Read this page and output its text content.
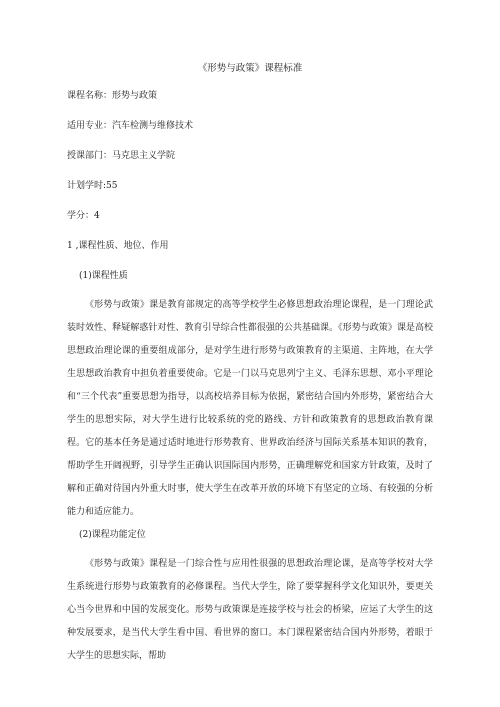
《形势与政策》课程标准
课程名称：形势与政策
适用专业：汽车检测与维修技术
授课部门：马克思主义学院
计划学时:55
学分：4
1 ,课程性质、地位、作用
(1)课程性质
《形势与政策》课是教育部规定的高等学校学生必修思想政治理论课程，是一门理论武装时效性、释疑解惑针对性、教育引导综合性都很强的公共基础课。《形势与政策》课是高校思想政治理论课的重要组成部分，是对学生进行形势与政策教育的主渠道、主阵地，在大学生思想政治教育中担负着重要使命。它是一门以马克思列宁主义、毛泽东思想、邓小平理论和“三个代表”重要思想为指导，以高校培养目标为依据，紧密结合国内外形势，紧密结合大学生的思想实际，对大学生进行比较系统的党的路线、方针和政策教育的思想政治教育课程。它的基本任务是通过适时地进行形势教育、世界政治经济与国际关系基本知识的教育，帮助学生开阔视野，引导学生正确认识国际国内形势，正确理解党和国家方针政策，及时了解和正确对待国内外重大时事，使大学生在改革开放的环境下有坚定的立场、有较强的分析能力和适应能力。
(2)课程功能定位
《形势与政策》课程是一门综合性与应用性很强的思想政治理论课，是高等学校对大学生系统进行形势与政策教育的必修课程。当代大学生，除了要掌握科学文化知识外，要更关心当今世界和中国的发展变化。形势与政策课是连接学校与社会的桥梁，应运了大学生的这种发展要求，是当代大学生看中国、看世界的窗口。本门课程紧密结合国内外形势，着眼于大学生的思想实际，帮助
